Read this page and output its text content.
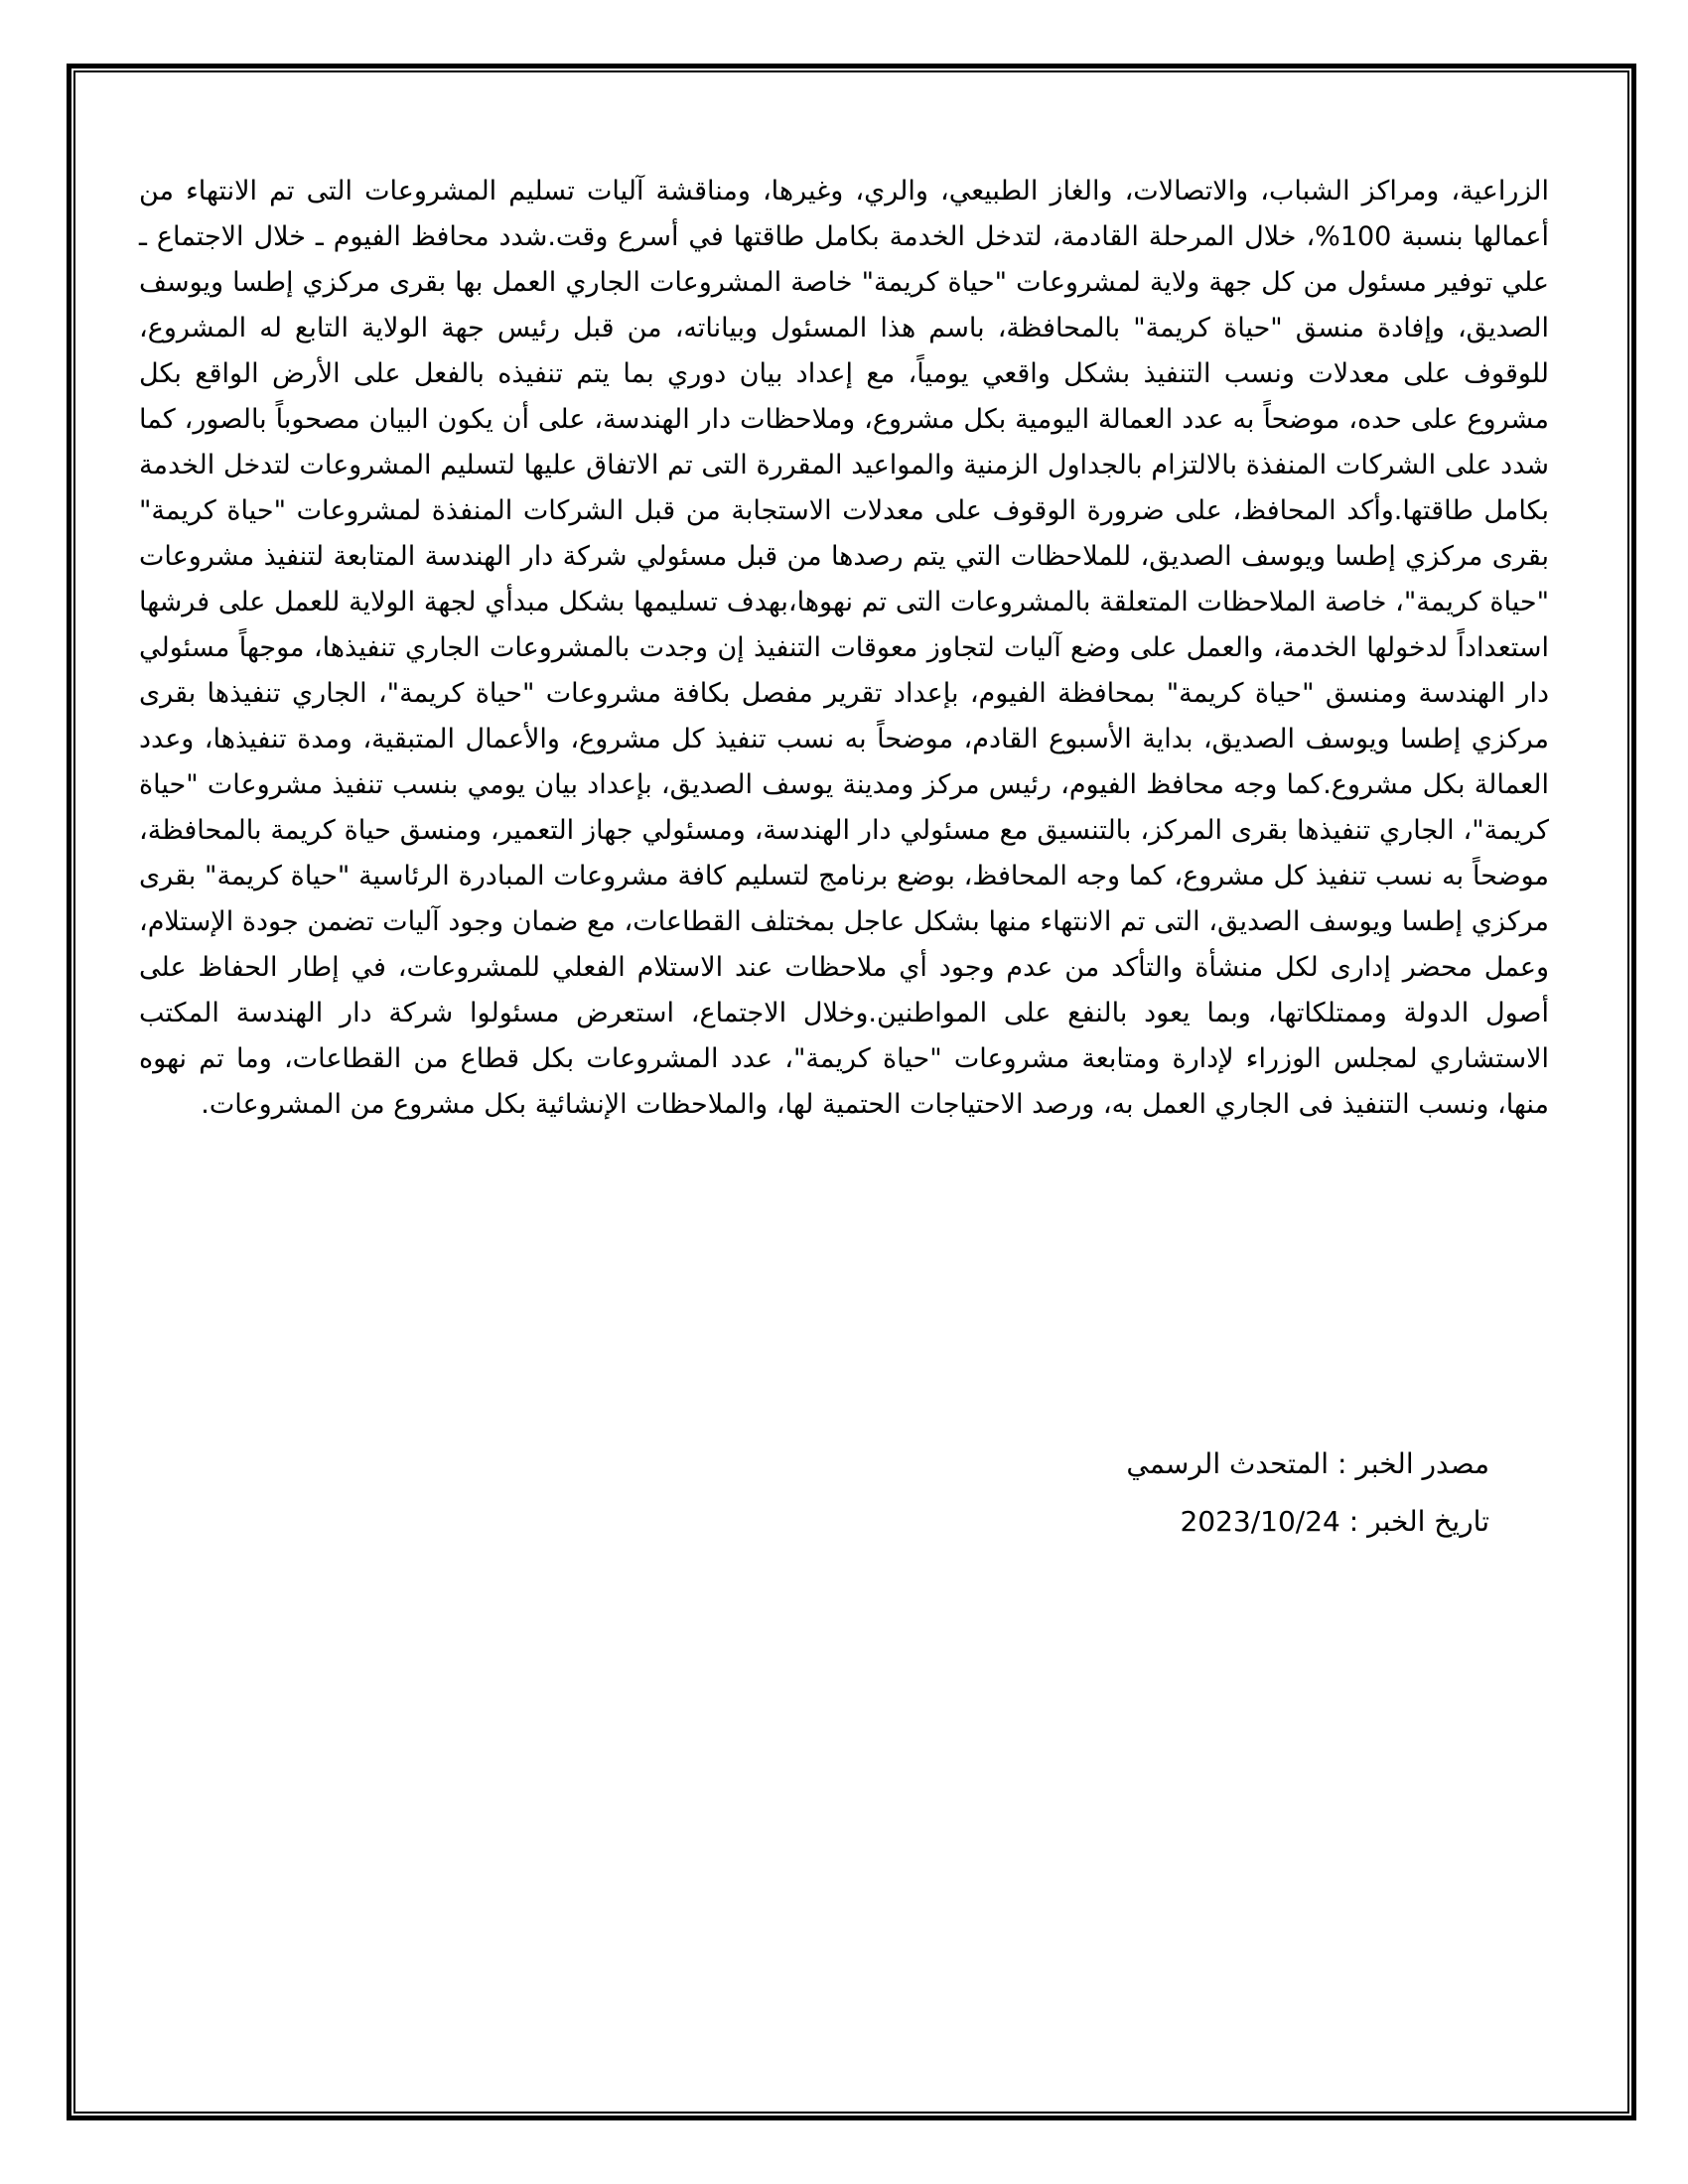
الزراعية، ومراكز الشباب، والاتصالات، والغاز الطبيعي، والري، وغيرها، ومناقشة آليات تسليم المشروعات التى تم الانتهاء من أعمالها بنسبة 100%، خلال المرحلة القادمة، لتدخل الخدمة بكامل طاقتها في أسرع وقت.شدد محافظ الفيوم ـ خلال الاجتماع ـ علي توفير مسئول من كل جهة ولاية لمشروعات "حياة كريمة" خاصة المشروعات الجاري العمل بها بقرى مركزي إطسا ويوسف الصديق، وإفادة منسق "حياة كريمة" بالمحافظة، باسم هذا المسئول وبياناته، من قبل رئيس جهة الولاية التابع له المشروع، للوقوف على معدلات ونسب التنفيذ بشكل واقعي يومياً، مع إعداد بيان دوري بما يتم تنفيذه بالفعل على الأرض الواقع بكل مشروع على حده، موضحاً به عدد العمالة اليومية بكل مشروع، وملاحظات دار الهندسة، على أن يكون البيان مصحوباً بالصور، كما شدد على الشركات المنفذة بالالتزام بالجداول الزمنية والمواعيد المقررة التى تم الاتفاق عليها لتسليم المشروعات لتدخل الخدمة بكامل طاقتها.وأكد المحافظ، على ضرورة الوقوف على معدلات الاستجابة من قبل الشركات المنفذة لمشروعات "حياة كريمة" بقرى مركزي إطسا ويوسف الصديق، للملاحظات التي يتم رصدها من قبل مسئولي شركة دار الهندسة المتابعة لتنفيذ مشروعات "حياة كريمة"، خاصة الملاحظات المتعلقة بالمشروعات التى تم نهوها،بهدف تسليمها بشكل مبدأي لجهة الولاية للعمل على فرشها استعداداً لدخولها الخدمة، والعمل على وضع آليات لتجاوز معوقات التنفيذ إن وجدت بالمشروعات الجاري تنفيذها، موجهاً مسئولي دار الهندسة ومنسق "حياة كريمة" بمحافظة الفيوم، بإعداد تقرير مفصل بكافة مشروعات "حياة كريمة"، الجاري تنفيذها بقرى مركزي إطسا ويوسف الصديق، بداية الأسبوع القادم، موضحاً به نسب تنفيذ كل مشروع، والأعمال المتبقية، ومدة تنفيذها، وعدد العمالة بكل مشروع.كما وجه محافظ الفيوم، رئيس مركز ومدينة يوسف الصديق، بإعداد بيان يومي بنسب تنفيذ مشروعات "حياة كريمة"، الجاري تنفيذها بقرى المركز، بالتنسيق مع مسئولي دار الهندسة، ومسئولي جهاز التعمير، ومنسق حياة كريمة بالمحافظة، موضحاً به نسب تنفيذ كل مشروع، كما وجه المحافظ، بوضع برنامج لتسليم كافة مشروعات المبادرة الرئاسية "حياة كريمة" بقرى مركزي إطسا ويوسف الصديق، التى تم الانتهاء منها بشكل عاجل بمختلف القطاعات، مع ضمان وجود آليات تضمن جودة الإستلام، وعمل محضر إدارى لكل منشأة والتأكد من عدم وجود أي ملاحظات عند الاستلام الفعلي للمشروعات، في إطار الحفاظ على أصول الدولة وممتلكاتها، وبما يعود بالنفع على المواطنين.وخلال الاجتماع، استعرض مسئولوا شركة دار الهندسة المكتب الاستشاري لمجلس الوزراء لإدارة ومتابعة مشروعات "حياة كريمة"، عدد المشروعات بكل قطاع من القطاعات، وما تم نهوه منها، ونسب التنفيذ فى الجاري العمل به، ورصد الاحتياجات الحتمية لها، والملاحظات الإنشائية بكل مشروع من المشروعات.
مصدر الخبر : المتحدث الرسمي
تاريخ الخبر : 2023/10/24
